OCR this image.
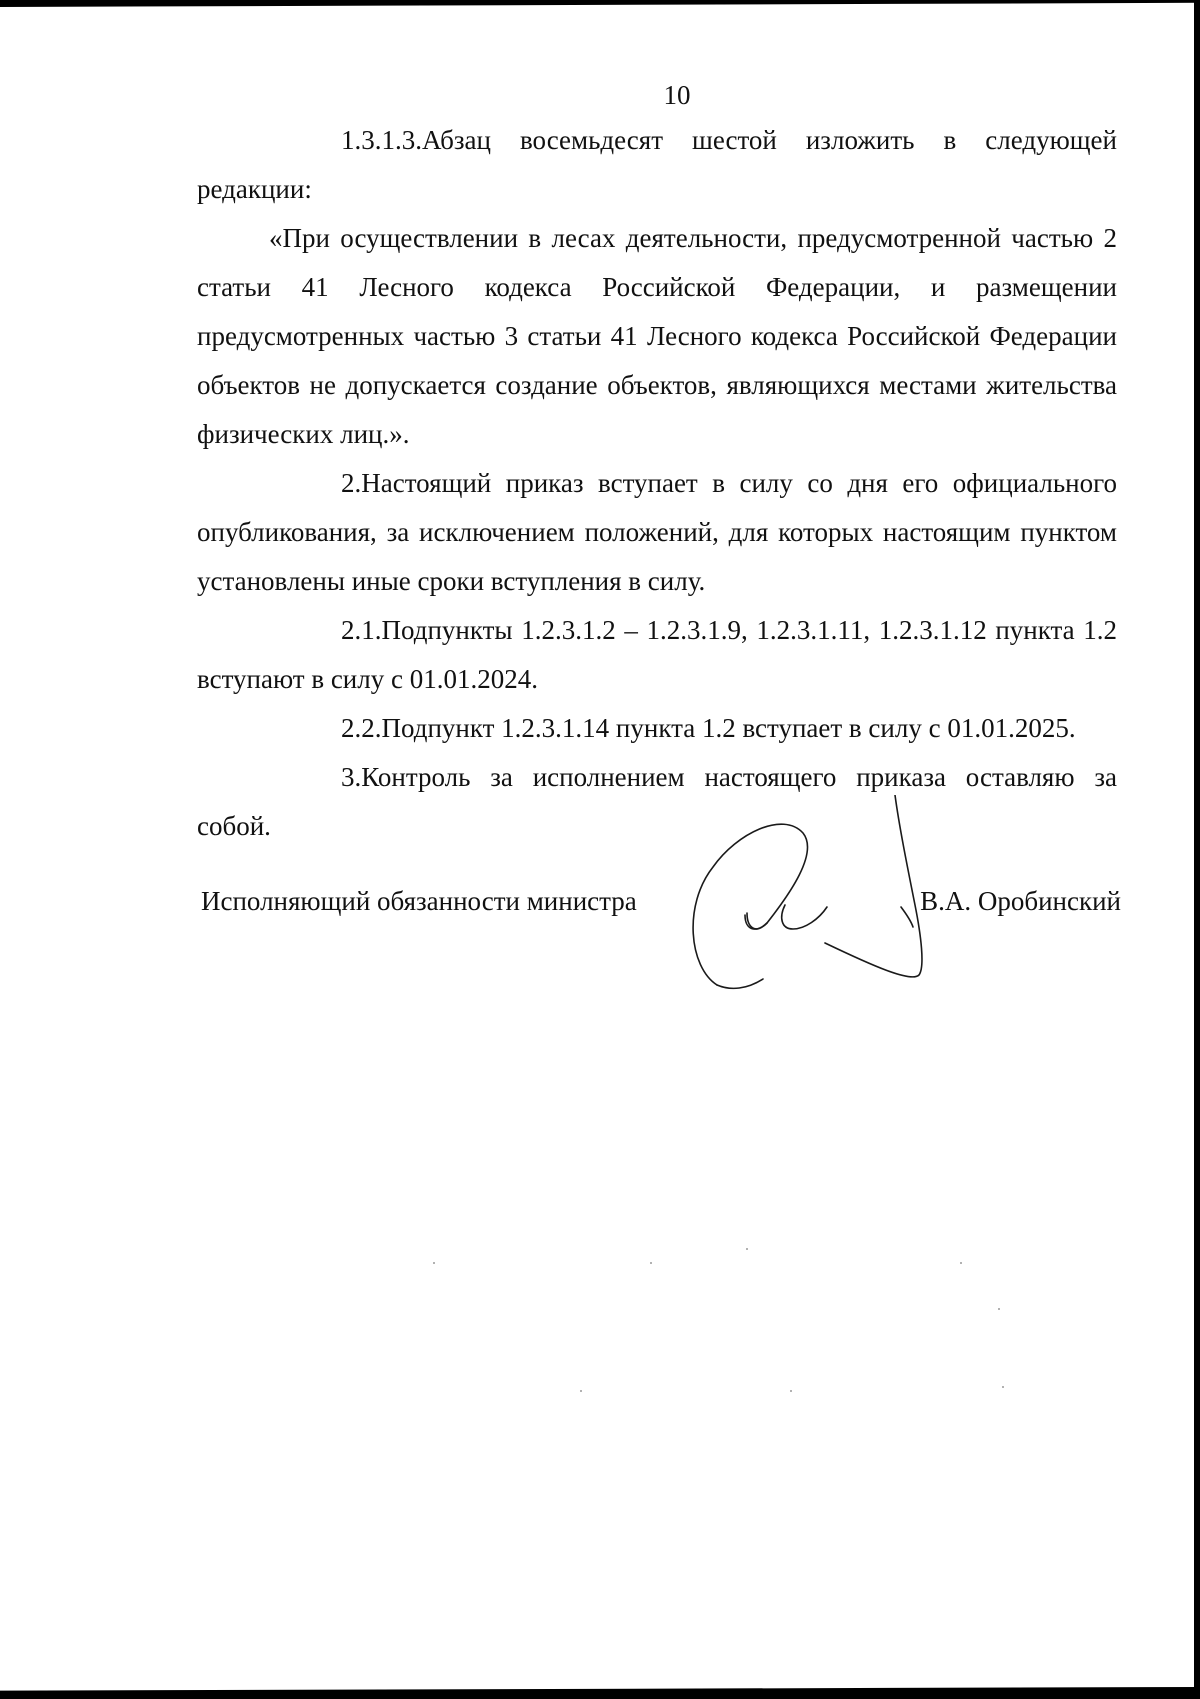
10

1.3.1.3.Абзац восемьдесят шестой изложить в следующей редакции:

«При осуществлении в лесах деятельности, предусмотренной частью 2 статьи 41 Лесного кодекса Российской Федерации, и размещении предусмотренных частью 3 статьи 41 Лесного кодекса Российской Федерации объектов не допускается создание объектов, являющихся местами жительства физических лиц.».

2.Настоящий приказ вступает в силу со дня его официального опубликования, за исключением положений, для которых настоящим пунктом установлены иные сроки вступления в силу.

2.1.Подпункты 1.2.3.1.2 – 1.2.3.1.9, 1.2.3.1.11, 1.2.3.1.12 пункта 1.2 вступают в силу с 01.01.2024.

2.2.Подпункт 1.2.3.1.14 пункта 1.2 вступает в силу с 01.01.2025.

3.Контроль за исполнением настоящего приказа оставляю за собой.

Исполняющий обязанности министра	В.А. Оробинский
